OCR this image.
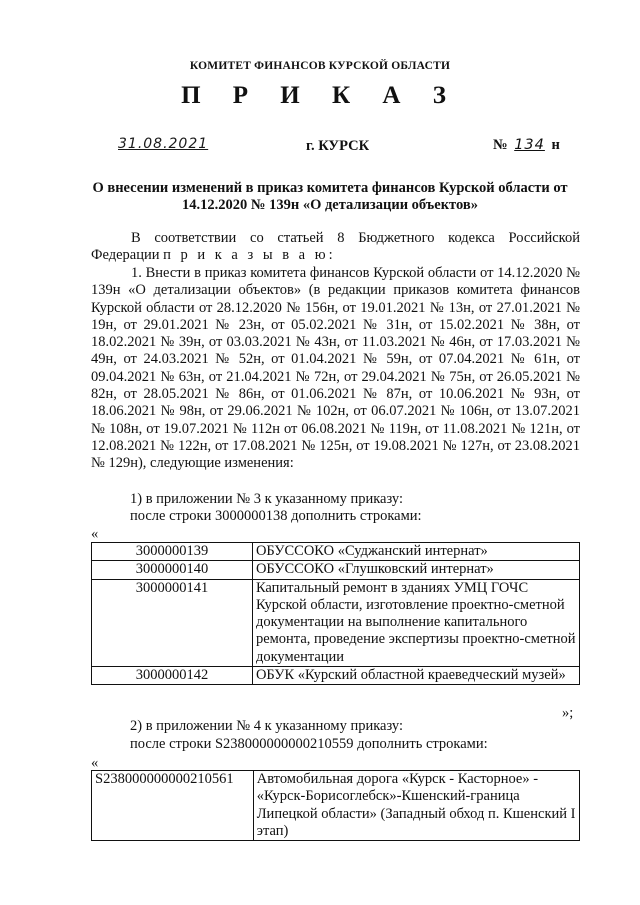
КОМИТЕТ ФИНАНСОВ КУРСКОЙ ОБЛАСТИ
П Р И К А З
31.08.2021	г. КУРСК	№ 134 н
О внесении изменений в приказ комитета финансов Курской области от 14.12.2020 № 139н «О детализации объектов»
В соответствии со статьей 8 Бюджетного кодекса Российской Федерации п р и к а з ы в а ю:
1. Внести в приказ комитета финансов Курской области от 14.12.2020 № 139н «О детализации объектов» (в редакции приказов комитета финансов Курской области от 28.12.2020 № 156н, от 19.01.2021 № 13н, от 27.01.2021 № 19н, от 29.01.2021 № 23н, от 05.02.2021 № 31н, от 15.02.2021 № 38н, от 18.02.2021 № 39н, от 03.03.2021 № 43н, от 11.03.2021 № 46н, от 17.03.2021 № 49н, от 24.03.2021 № 52н, от 01.04.2021 № 59н, от 07.04.2021 № 61н, от 09.04.2021 № 63н, от 21.04.2021 № 72н, от 29.04.2021 № 75н, от 26.05.2021 № 82н, от 28.05.2021 № 86н, от 01.06.2021 № 87н, от 10.06.2021 № 93н, от 18.06.2021 № 98н, от 29.06.2021 № 102н, от 06.07.2021 № 106н, от 13.07.2021 № 108н, от 19.07.2021 № 112н от 06.08.2021 № 119н, от 11.08.2021 № 121н, от 12.08.2021 № 122н, от 17.08.2021 № 125н, от 19.08.2021 № 127н, от 23.08.2021 № 129н), следующие изменения:
1) в приложении № 3 к указанному приказу:
после строки 3000000138 дополнить строками:
«
3000000139	ОБУССОКО «Суджанский интернат»
3000000140	ОБУССОКО «Глушковский интернат»
3000000141	Капитальный ремонт в зданиях УМЦ ГОЧС Курской области, изготовление проектно-сметной документации на выполнение капитального ремонта, проведение экспертизы проектно-сметной документации
3000000142	ОБУК «Курский областной краеведческий музей»
»;
2) в приложении № 4 к указанному приказу:
после строки S238000000000210559 дополнить строками:
«
S238000000000210561	Автомобильная дорога «Курск - Касторное» - «Курск-Борисоглебск»-Кшенский-граница Липецкой области» (Западный обход п. Кшенский I этап)
